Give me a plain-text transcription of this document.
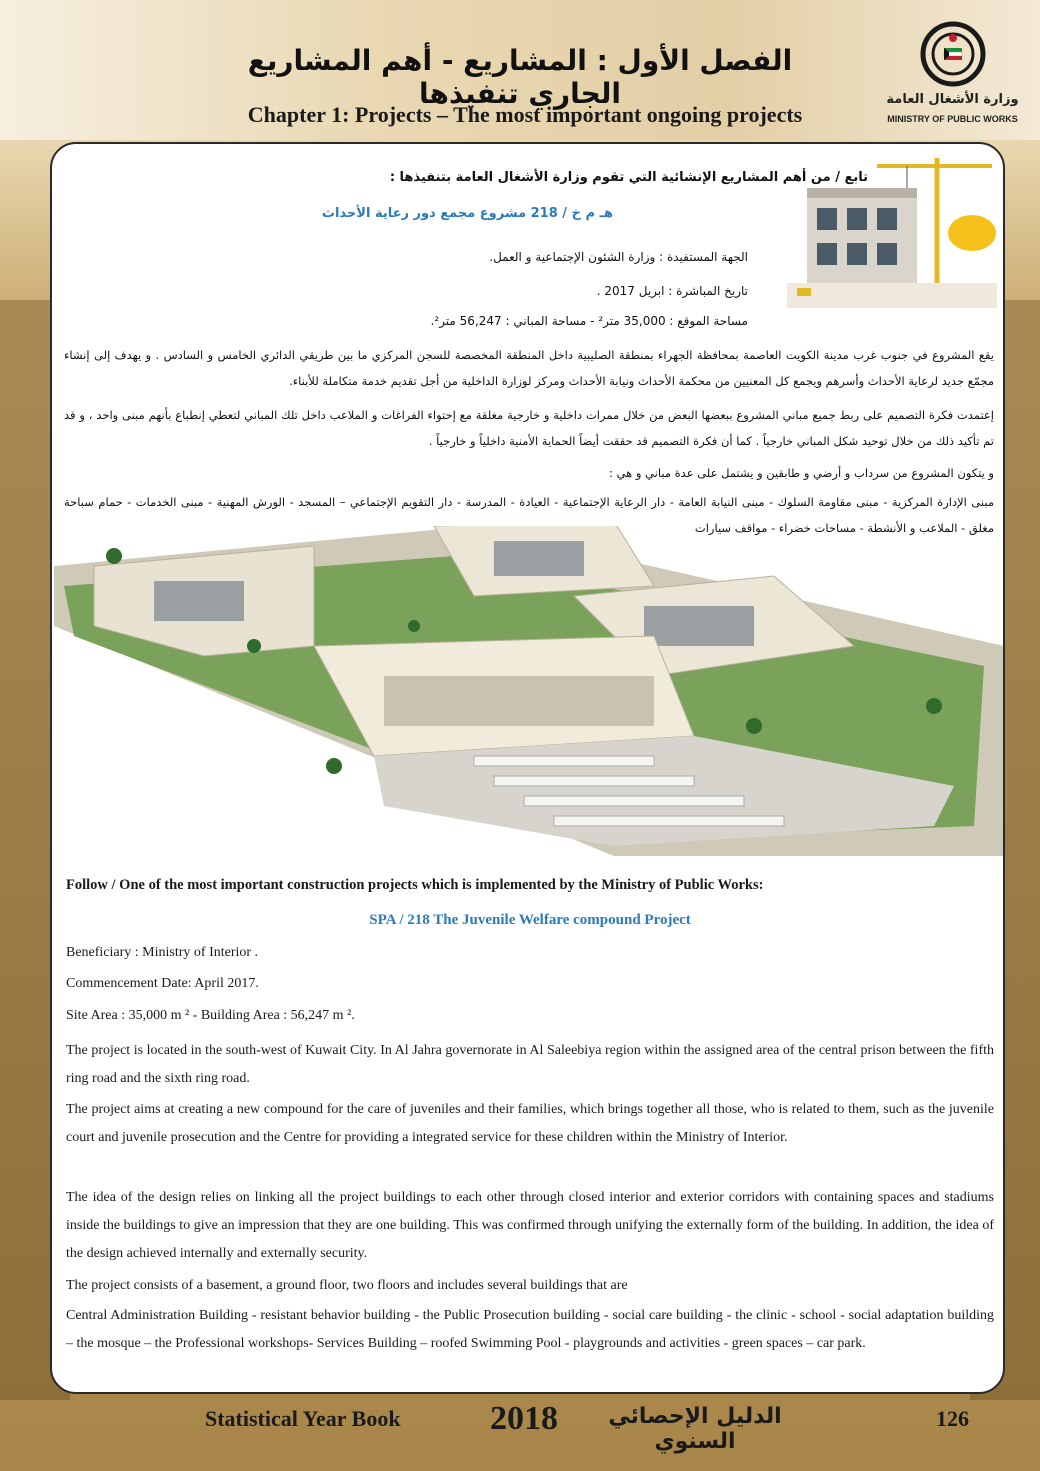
الفصل الأول : المشاريع - أهم المشاريع الجاري تنفيذها
Chapter 1: Projects – The most important ongoing projects
وزارة الأشغال العامة
MINISTRY OF PUBLIC WORKS
تابع / من أهم المشاريع الإنشائية التي تقوم وزارة الأشغال العامة بتنفيذها :
هـ م خ / 218 مشروع مجمع دور رعاية الأحداث
الجهة المستفيدة : وزارة الشئون الإجتماعية و العمل.
تاريخ المباشرة : ابريل 2017 .
مساحة الموقع : 35,000 متر² - مساحة المباني : 56,247 متر².
يقع المشروع في جنوب غرب مدينة الكويت العاصمة بمحافظة الجهراء بمنطقة الصليبية داخل المنطقة المخصصة للسجن المركزي ما بين طريقي الدائري الخامس و السادس . و يهدف إلى إنشاء مجمّع جديد لرعاية الأحداث وأسرهم ويجمع كل المعنيين من محكمة الأحداث ونيابة الأحداث ومركز لوزارة الداخلية من أجل تقديم خدمة متكاملة للأبناء.
إعتمدت فكرة التصميم على ربط جميع مباني المشروع ببعضها البعض من خلال ممرات داخلية و خارجية مغلقة مع إحتواء الفراغات و الملاعب داخل تلك المباني لتعطي إنطباع بأنهم مبنى واحد ، و قد تم تأكيد ذلك من خلال توحيد شكل المباني خارجياً . كما أن فكرة التصميم قد حققت أيضاً الحماية الأمنية داخلياً و خارجياً .
و يتكون المشروع من سرداب و أرضي و طابقين و يشتمل على عدة مباني و هي :
مبنى الإدارة المركزية - مبنى مقاومة السلوك - مبنى النيابة العامة - دار الرعاية الإجتماعية - العيادة - المدرسة - دار التقويم الإجتماعي – المسجد - الورش المهنية - مبنى الخدمات - حمام سباحة مغلق - الملاعب و الأنشطة - مساحات خضراء - مواقف سيارات
Follow / One of the most important construction projects which is implemented by the Ministry of Public Works:
SPA / 218 The Juvenile Welfare compound Project
Beneficiary : Ministry of Interior .
Commencement Date: April 2017.
Site Area : 35,000 m ² - Building Area : 56,247 m ².
The project is located in the south-west of Kuwait City. In Al Jahra governorate in Al Saleebiya region within the assigned area of the central prison between the fifth ring road and the sixth ring road.
The project aims at creating a new compound for the care of juveniles and their families, which brings together all those, who is related to them, such as the juvenile court and juvenile prosecution and the Centre for providing a integrated service for these children within the Ministry of Interior.
The idea of the design relies on linking all the project buildings to each other through closed interior and exterior corridors with containing spaces and stadiums inside the buildings to give an impression that they are one building. This was confirmed through unifying the externally form of the building. In addition, the idea of the design achieved internally and externally security.
The project consists of a basement, a ground floor, two floors and includes several buildings that are
Central Administration Building - resistant behavior building - the Public Prosecution building - social care building - the clinic - school - social adaptation building – the mosque – the Professional workshops- Services Building – roofed Swimming Pool - playgrounds and activities - green spaces – car park.
Statistical Year Book	2018	الدليل الإحصائي السنوي
126
